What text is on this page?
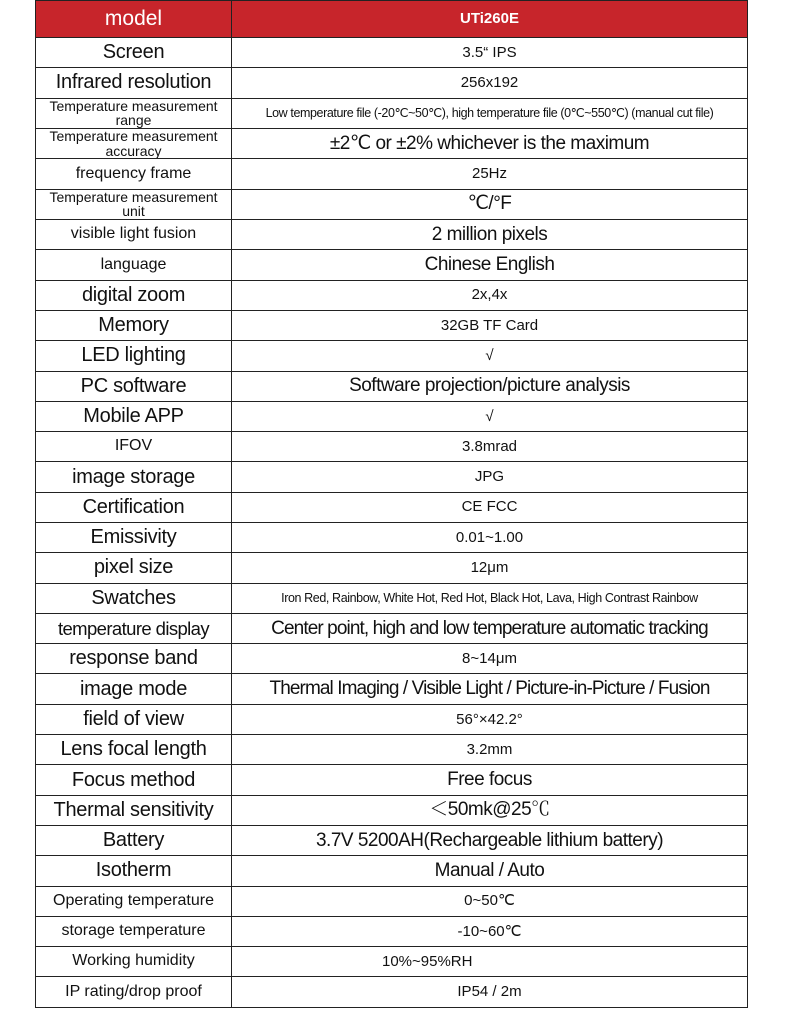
model	UTi260E
Screen	3.5“ IPS
Infrared resolution	256x192
Temperature measurement range	Low temperature file (-20℃~50℃), high temperature file (0℃~550℃) (manual cut file)
Temperature measurement accuracy	±2℃ or ±2% whichever is the maximum
frequency frame	25Hz
Temperature measurement unit	℃/°F
visible light fusion	2 million pixels
language	Chinese English
digital zoom	2x,4x
Memory	32GB TF Card
LED lighting	√
PC software	Software projection/picture analysis
Mobile APP	√
IFOV	3.8mrad
image storage	JPG
Certification	CE FCC
Emissivity	0.01~1.00
pixel size	12μm
Swatches	Iron Red, Rainbow, White Hot, Red Hot, Black Hot, Lava, High Contrast Rainbow
temperature display	Center point, high and low temperature automatic tracking
response band	8~14μm
image mode	Thermal Imaging / Visible Light / Picture-in-Picture / Fusion
field of view	56°×42.2°
Lens focal length	3.2mm
Focus method	Free focus
Thermal sensitivity	＜50mk@25℃
Battery	3.7V 5200AH(Rechargeable lithium battery)
Isotherm	Manual / Auto
Operating temperature	0~50℃
storage temperature	-10~60℃
Working humidity	10%~95%RH
IP rating/drop proof	IP54 / 2m
